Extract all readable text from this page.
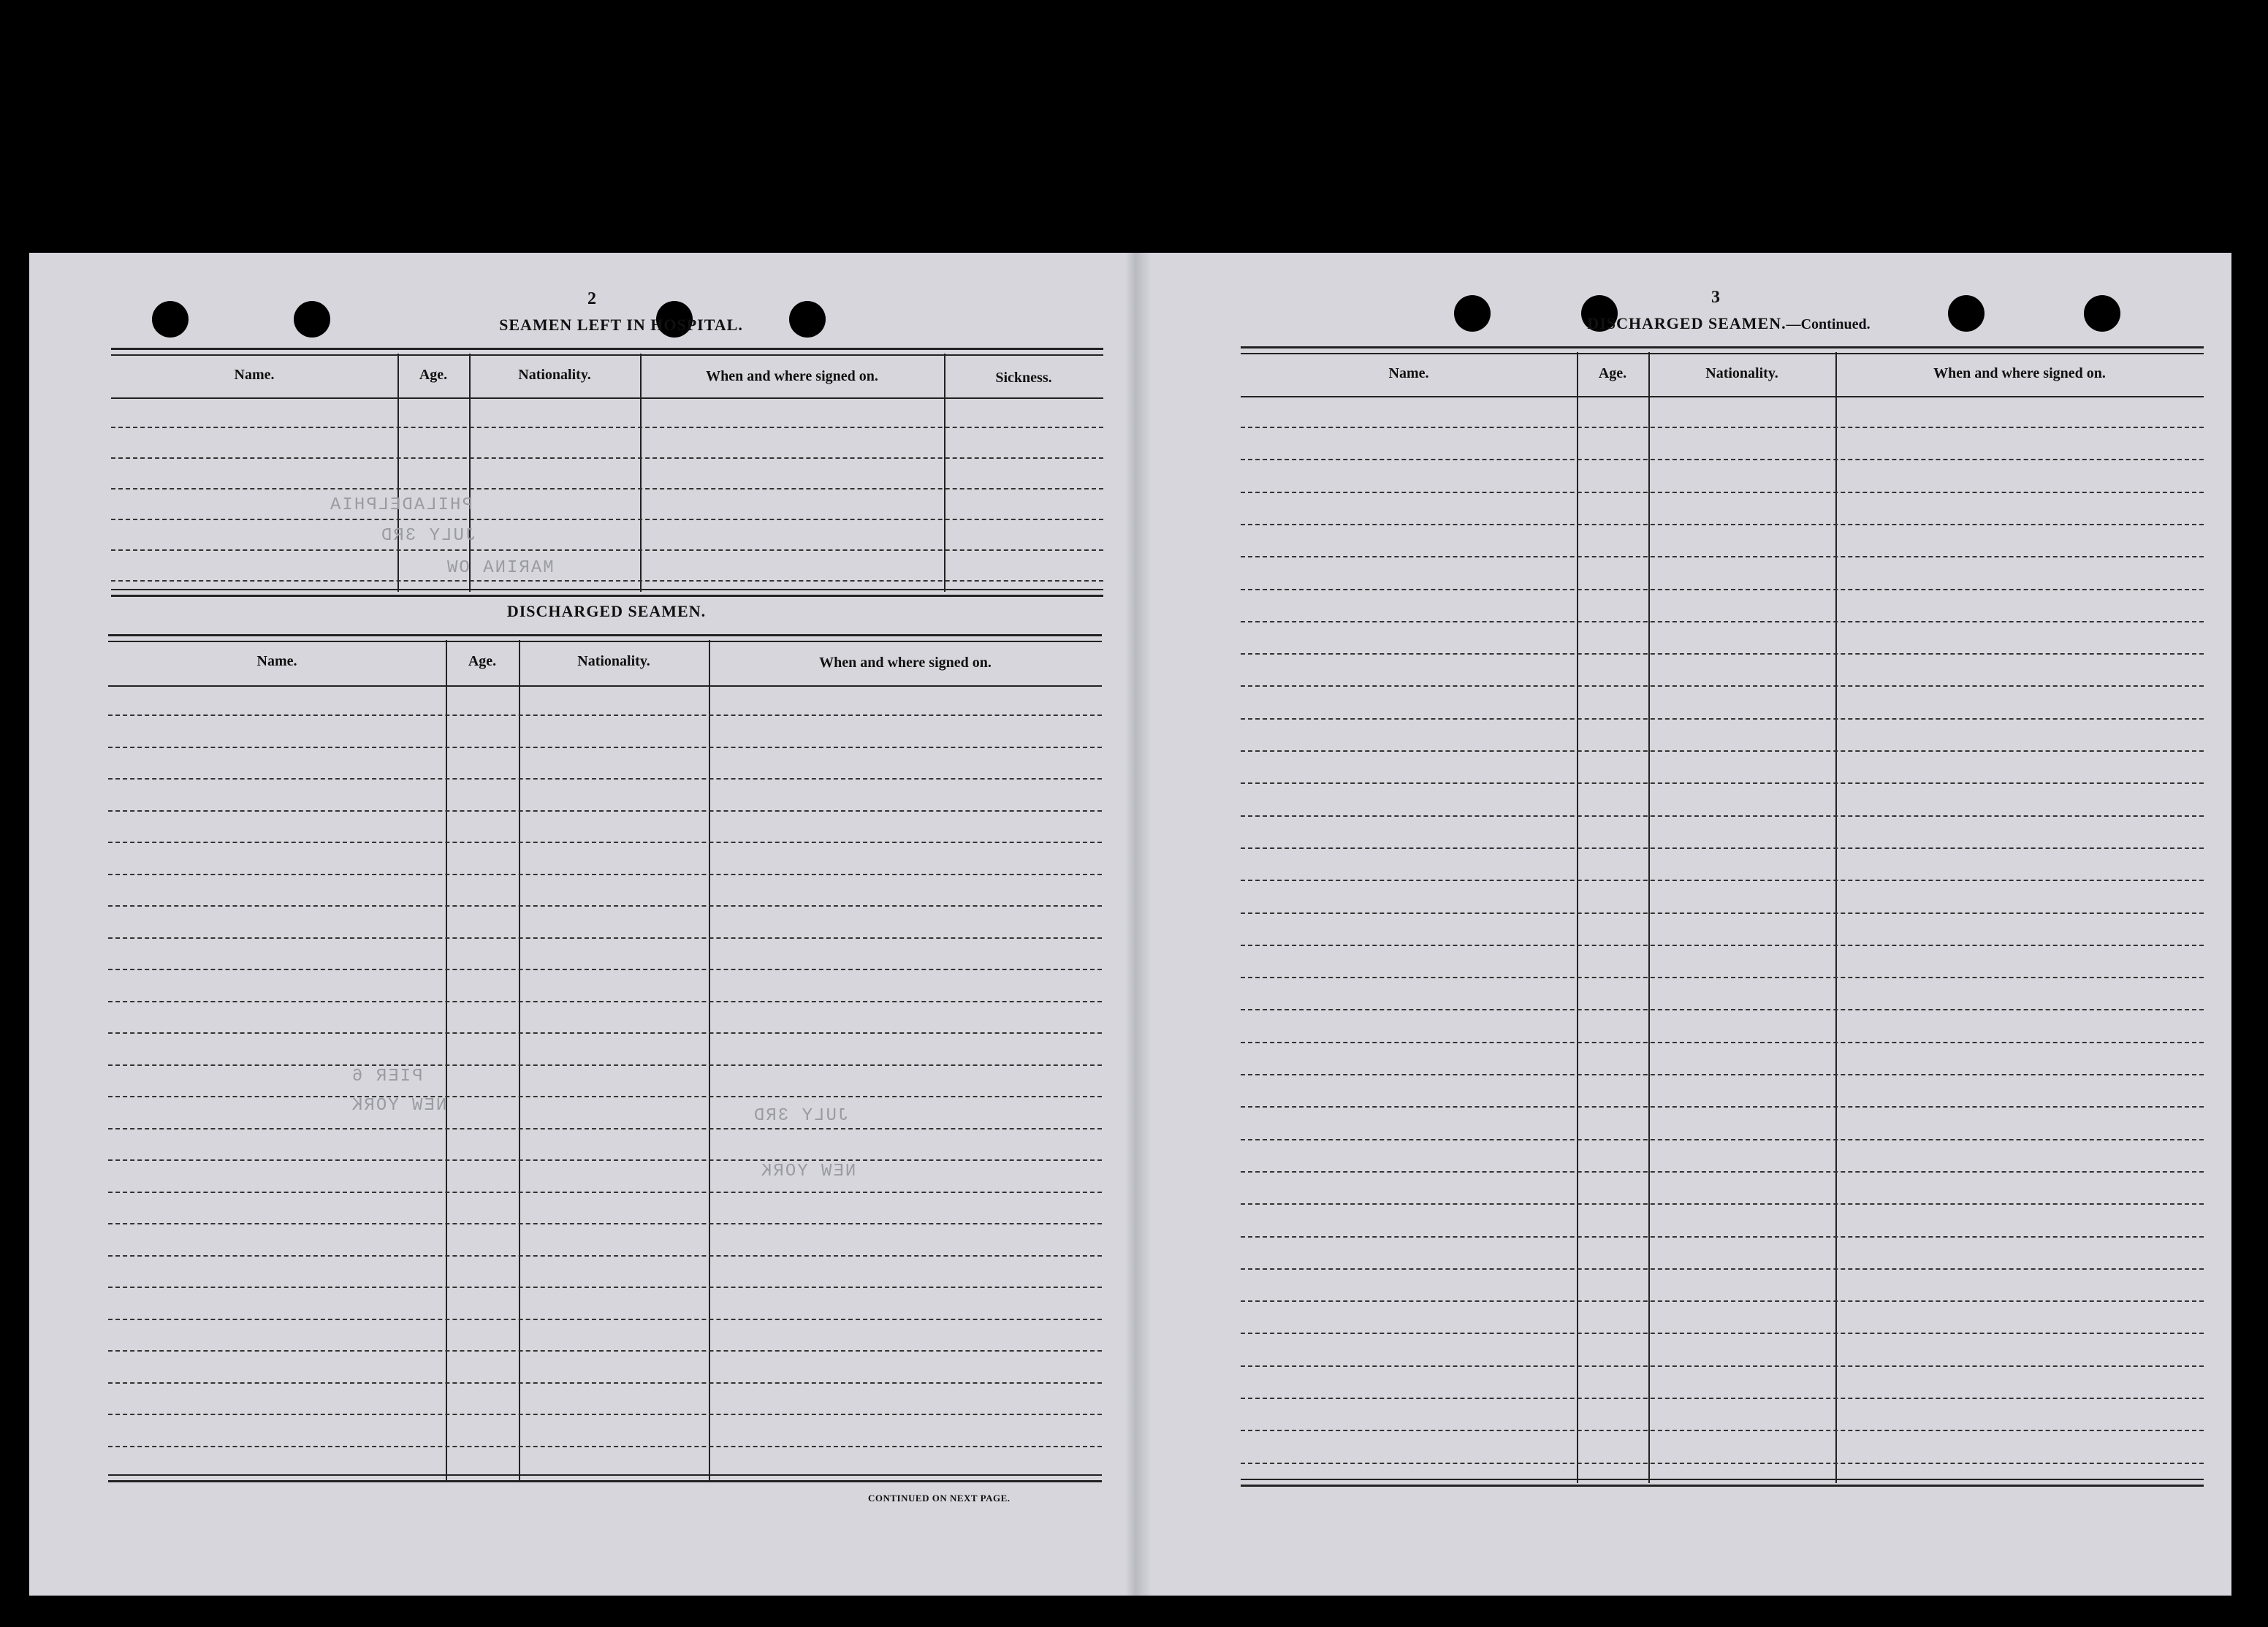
2
SEAMEN LEFT IN HOSPITAL.
Name.	Age.	Nationality.	When and where signed on.	Sickness.
DISCHARGED SEAMEN.
Name.	Age.	Nationality.	When and where signed on.
CONTINUED ON NEXT PAGE.
PHILADELPHIA
JULY 3RD
MARINA OW
PIER 6
NEW YORK
JULY 3RD
NEW YORK
3
DISCHARGED SEAMEN.—Continued.
Name.	Age.	Nationality.	When and where signed on.
